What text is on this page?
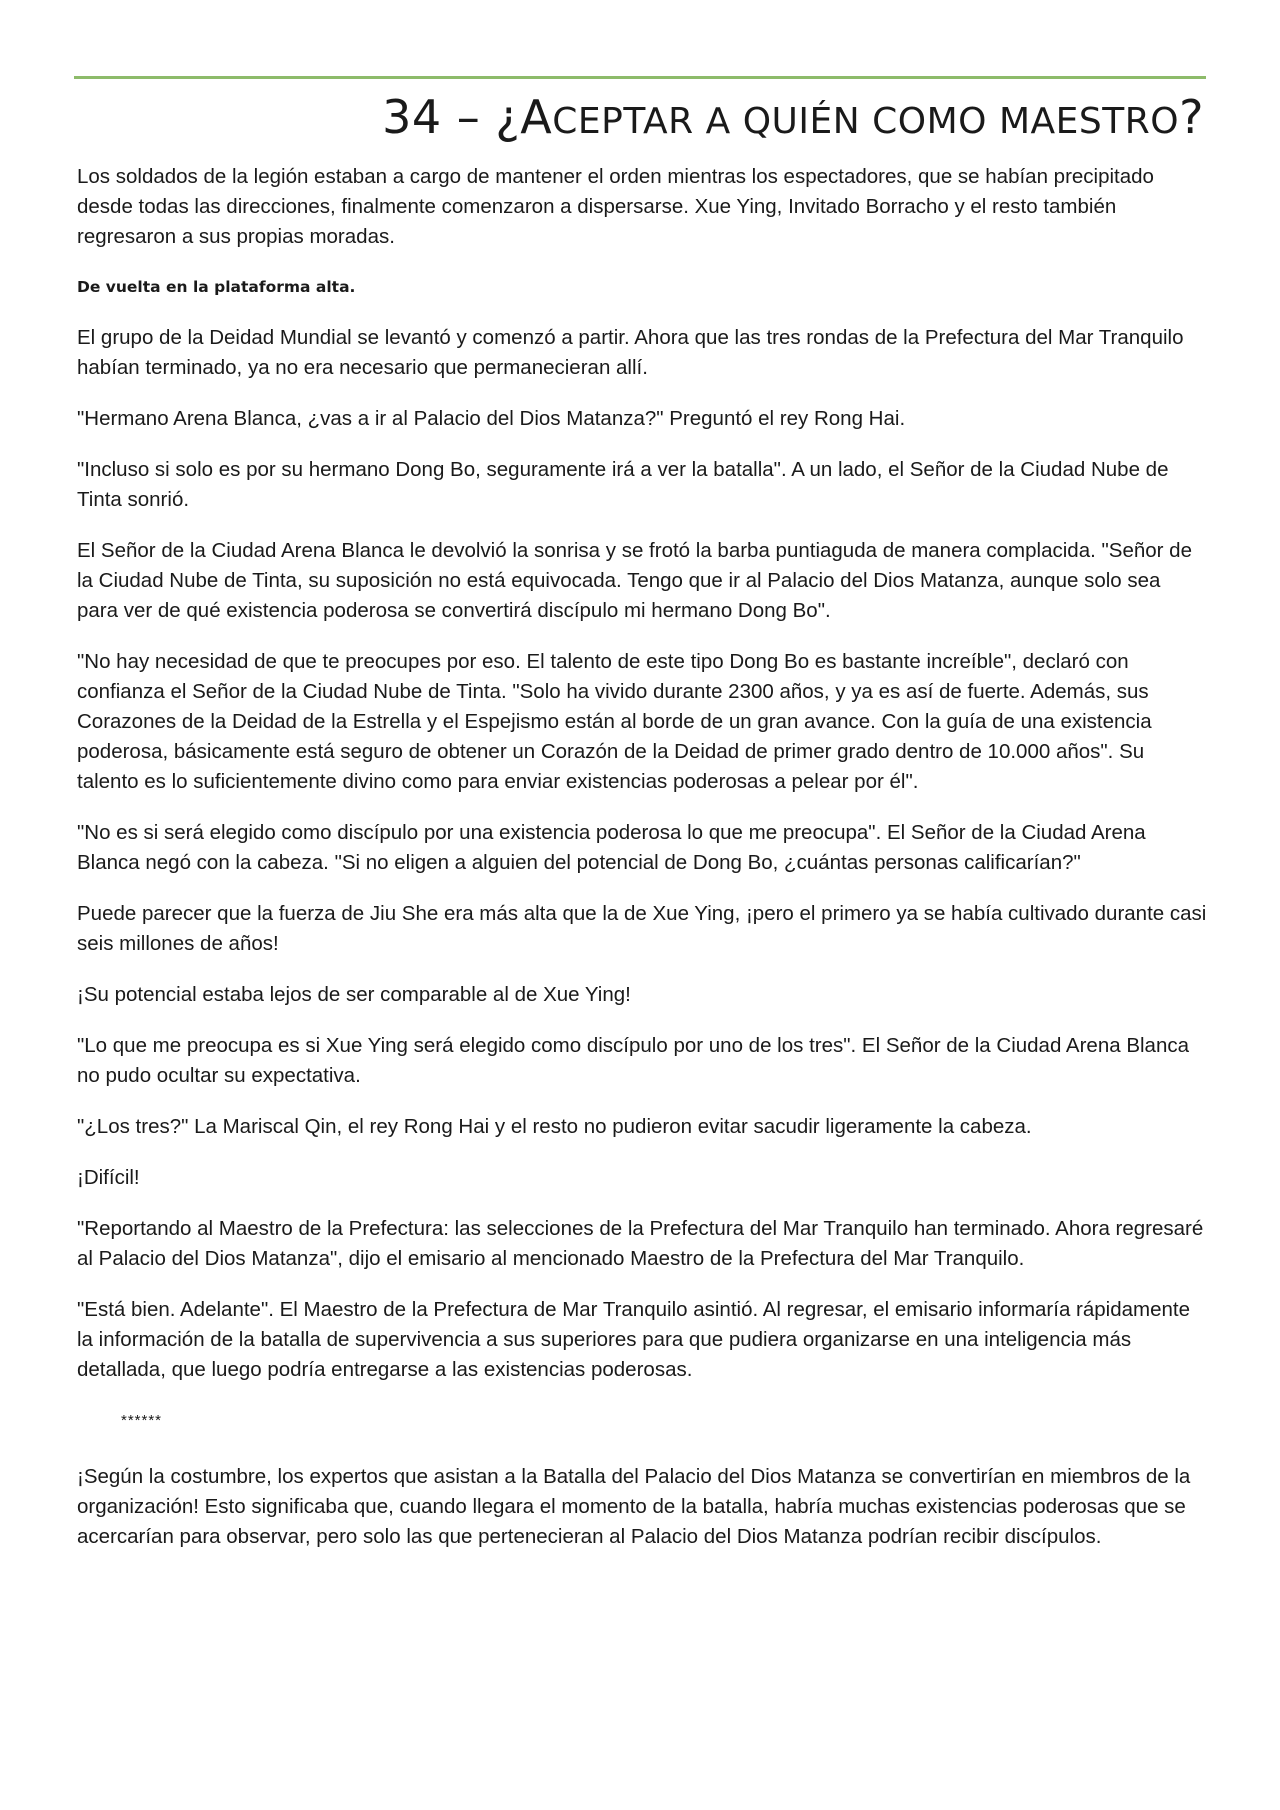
34 – ¿ACEPTAR A QUIÉN COMO MAESTRO?

Los soldados de la legión estaban a cargo de mantener el orden mientras los espectadores, que se habían precipitado desde todas las direcciones, finalmente comenzaron a dispersarse. Xue Ying, Invitado Borracho y el resto también regresaron a sus propias moradas.

De vuelta en la plataforma alta.

El grupo de la Deidad Mundial se levantó y comenzó a partir. Ahora que las tres rondas de la Prefectura del Mar Tranquilo habían terminado, ya no era necesario que permanecieran allí.

"Hermano Arena Blanca, ¿vas a ir al Palacio del Dios Matanza?" Preguntó el rey Rong Hai.

"Incluso si solo es por su hermano Dong Bo, seguramente irá a ver la batalla". A un lado, el Señor de la Ciudad Nube de Tinta sonrió.

El Señor de la Ciudad Arena Blanca le devolvió la sonrisa y se frotó la barba puntiaguda de manera complacida. "Señor de la Ciudad Nube de Tinta, su suposición no está equivocada. Tengo que ir al Palacio del Dios Matanza, aunque solo sea para ver de qué existencia poderosa se convertirá discípulo mi hermano Dong Bo".

"No hay necesidad de que te preocupes por eso. El talento de este tipo Dong Bo es bastante increíble", declaró con confianza el Señor de la Ciudad Nube de Tinta. "Solo ha vivido durante 2300 años, y ya es así de fuerte. Además, sus Corazones de la Deidad de la Estrella y el Espejismo están al borde de un gran avance. Con la guía de una existencia poderosa, básicamente está seguro de obtener un Corazón de la Deidad de primer grado dentro de 10.000 años". Su talento es lo suficientemente divino como para enviar existencias poderosas a pelear por él".

"No es si será elegido como discípulo por una existencia poderosa lo que me preocupa". El Señor de la Ciudad Arena Blanca negó con la cabeza. "Si no eligen a alguien del potencial de Dong Bo, ¿cuántas personas calificarían?"

Puede parecer que la fuerza de Jiu She era más alta que la de Xue Ying, ¡pero el primero ya se había cultivado durante casi seis millones de años!

¡Su potencial estaba lejos de ser comparable al de Xue Ying!

"Lo que me preocupa es si Xue Ying será elegido como discípulo por uno de los tres". El Señor de la Ciudad Arena Blanca no pudo ocultar su expectativa.

"¿Los tres?" La Mariscal Qin, el rey Rong Hai y el resto no pudieron evitar sacudir ligeramente la cabeza.

¡Difícil!

"Reportando al Maestro de la Prefectura: las selecciones de la Prefectura del Mar Tranquilo han terminado. Ahora regresaré al Palacio del Dios Matanza", dijo el emisario al mencionado Maestro de la Prefectura del Mar Tranquilo.

"Está bien. Adelante". El Maestro de la Prefectura de Mar Tranquilo asintió. Al regresar, el emisario informaría rápidamente la información de la batalla de supervivencia a sus superiores para que pudiera organizarse en una inteligencia más detallada, que luego podría entregarse a las existencias poderosas.

******

¡Según la costumbre, los expertos que asistan a la Batalla del Palacio del Dios Matanza se convertirían en miembros de la organización! Esto significaba que, cuando llegara el momento de la batalla, habría muchas existencias poderosas que se acercarían para observar, pero solo las que pertenecieran al Palacio del Dios Matanza podrían recibir discípulos.
